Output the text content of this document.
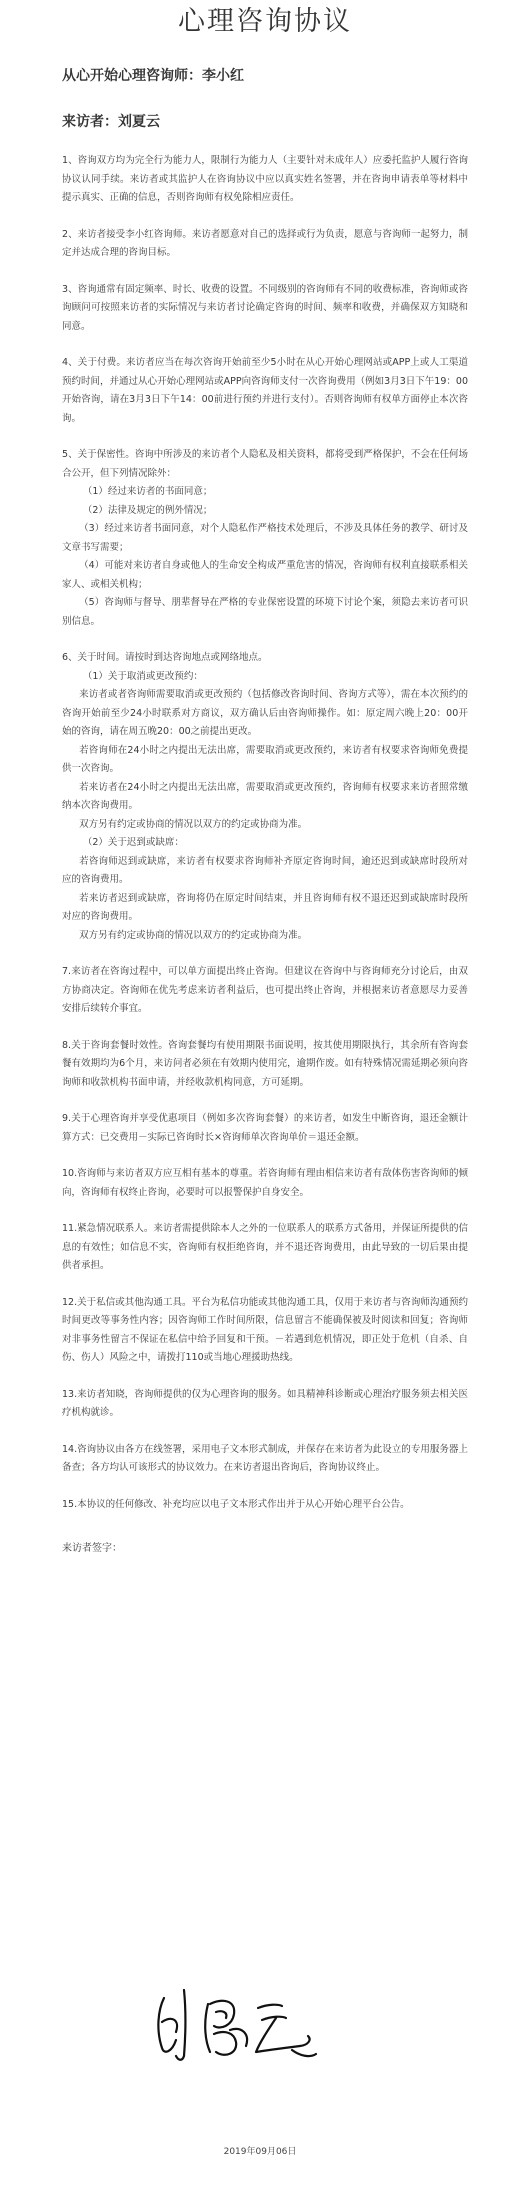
心理咨询协议
从心开始心理咨询师：李小红
来访者：刘夏云

1、咨询双方均为完全行为能力人，限制行为能力人（主要针对未成年人）应委托监护人履行咨询协议认同手续。来访者或其监护人在咨询协议中应以真实姓名签署，并在咨询申请表单等材料中提示真实、正确的信息，否则咨询师有权免除相应责任。

2、来访者接受李小红咨询师。来访者愿意对自己的选择或行为负责，愿意与咨询师一起努力，制定并达成合理的咨询目标。

3、咨询通常有固定频率、时长、收费的设置。不同级别的咨询师有不同的收费标准，咨询师或咨询顾问可按照来访者的实际情况与来访者讨论确定咨询的时间、频率和收费，并确保双方知晓和同意。

4、关于付费。来访者应当在每次咨询开始前至少5小时在从心开始心理网站或APP上或人工渠道预约时间，并通过从心开始心理网站或APP向咨询师支付一次咨询费用（例如3月3日下午19：00开始咨询，请在3月3日下午14：00前进行预约并进行支付）。否则咨询师有权单方面停止本次咨询。

5、关于保密性。咨询中所涉及的来访者个人隐私及相关资料，都将受到严格保护，不会在任何场合公开，但下列情况除外：

（1）经过来访者的书面同意；

（2）法律及规定的例外情况；

（3）经过来访者书面同意，对个人隐私作严格技术处理后，不涉及具体任务的教学、研讨及文章书写需要；

（4）可能对来访者自身或他人的生命安全构成严重危害的情况，咨询师有权利直接联系相关家人、或相关机构；

（5）咨询师与督导、朋辈督导在严格的专业保密设置的环境下讨论个案，须隐去来访者可识别信息。

6、关于时间。请按时到达咨询地点或网络地点。

（1）关于取消或更改预约：

来访者或者咨询师需要取消或更改预约（包括修改咨询时间、咨询方式等），需在本次预约的咨询开始前至少24小时联系对方商议，双方确认后由咨询师操作。如：原定周六晚上20：00开始的咨询，请在周五晚20：00之前提出更改。

若咨询师在24小时之内提出无法出席，需要取消或更改预约，来访者有权要求咨询师免费提供一次咨询。

若来访者在24小时之内提出无法出席，需要取消或更改预约，咨询师有权要求来访者照常缴纳本次咨询费用。

双方另有约定或协商的情况以双方的约定或协商为准。

（2）关于迟到或缺席：

若咨询师迟到或缺席，来访者有权要求咨询师补齐原定咨询时间，逾还迟到或缺席时段所对应的咨询费用。

若来访者迟到或缺席，咨询将仍在原定时间结束，并且咨询师有权不退还迟到或缺席时段所对应的咨询费用。

双方另有约定或协商的情况以双方的约定或协商为准。

7.来访者在咨询过程中，可以单方面提出终止咨询。但建议在咨询中与咨询师充分讨论后，由双方协商决定。咨询师在优先考虑来访者利益后，也可提出终止咨询，并根据来访者意愿尽力妥善安排后续转介事宜。

8.关于咨询套餐时效性。咨询套餐均有使用期限书面说明，按其使用期限执行，其余所有咨询套餐有效期均为6个月，来访问者必须在有效期内使用完，逾期作废。如有特殊情况需延期必须向咨询师和收款机构书面申请，并经收款机构同意，方可延期。

9.关于心理咨询并享受优惠项目（例如多次咨询套餐）的来访者，如发生中断咨询，退还金额计算方式：已交费用－实际已咨询时长×咨询师单次咨询单价＝退还金额。

10.咨询师与来访者双方应互相有基本的尊重。若咨询师有理由相信来访者有敌体伤害咨询师的倾向，咨询师有权终止咨询，必要时可以报警保护自身安全。

11.紧急情况联系人。来访者需提供除本人之外的一位联系人的联系方式备用，并保证所提供的信息的有效性；如信息不实，咨询师有权拒绝咨询，并不退还咨询费用，由此导致的一切后果由提供者承担。

12.关于私信或其他沟通工具。平台为私信功能或其他沟通工具，仅用于来访者与咨询师沟通预约时间更改等事务性内容；因咨询师工作时间所限，信息留言不能确保被及时阅读和回复；咨询师对非事务性留言不保证在私信中给予回复和干预。－若遇到危机情况，即正处于危机（自杀、自伤、伤人）风险之中，请拨打110或当地心理援助热线。

13.来访者知晓，咨询师提供的仅为心理咨询的服务。如具精神科诊断或心理治疗服务须去相关医疗机构就诊。

14.咨询协议由各方在线签署，采用电子文本形式制成，并保存在来访者为此设立的专用服务器上备查；各方均认可该形式的协议效力。在来访者退出咨询后，咨询协议终止。

15.本协议的任何修改、补充均应以电子文本形式作出并于从心开始心理平台公告。

来访者签字：
2019年09月06日
